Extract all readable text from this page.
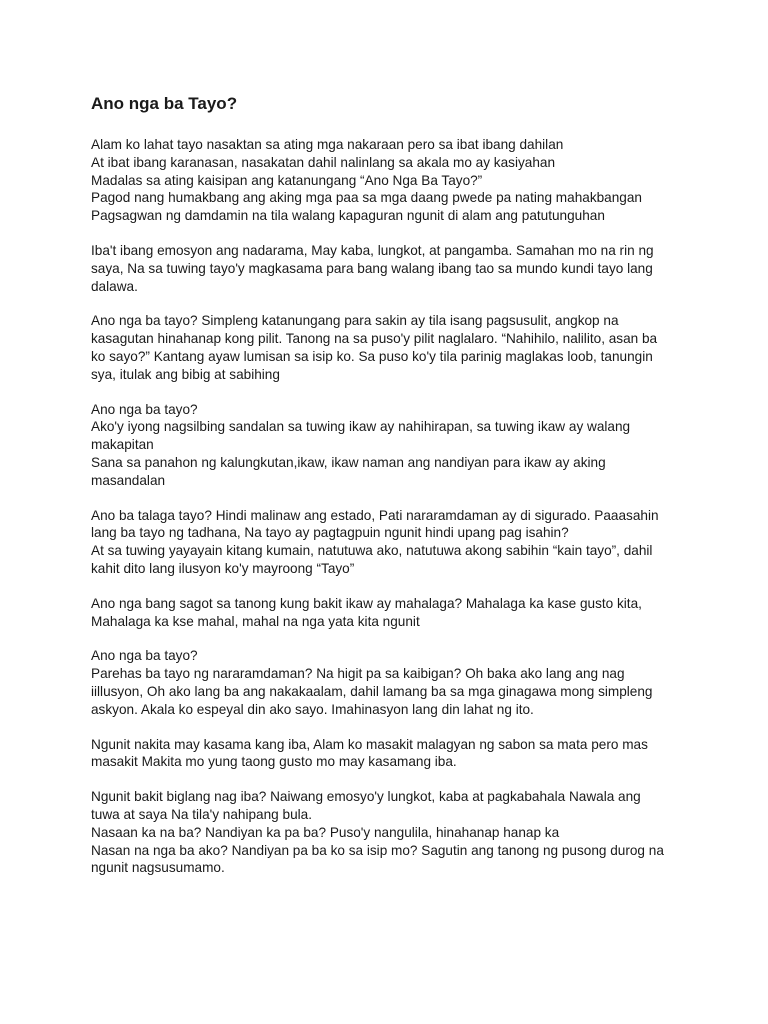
Ano nga ba Tayo?
Alam ko lahat tayo nasaktan sa ating mga nakaraan pero sa ibat ibang dahilan
At ibat ibang karanasan, nasakatan dahil nalinlang sa akala mo ay kasiyahan
Madalas sa ating kaisipan ang katanungang “Ano Nga Ba Tayo?”
Pagod nang humakbang ang aking mga paa sa mga daang pwede pa nating mahakbangan
Pagsagwan ng damdamin na tila walang kapaguran ngunit di alam ang patutunguhan
Iba't ibang emosyon ang nadarama, May kaba, lungkot, at pangamba. Samahan mo na rin ng
saya, Na sa tuwing tayo'y magkasama para bang walang ibang tao sa mundo kundi tayo lang
dalawa.
Ano nga ba tayo? Simpleng katanungang para sakin ay tila isang pagsusulit, angkop na
kasagutan hinahanap kong pilit. Tanong na sa puso'y pilit naglalaro. “Nahihilo, nalilito, asan ba
ko sayo?” Kantang ayaw lumisan sa isip ko. Sa puso ko'y tila parinig maglakas loob, tanungin
sya, itulak ang bibig at sabihing
Ano nga ba tayo?
Ako'y iyong nagsilbing sandalan sa tuwing ikaw ay nahihirapan, sa tuwing ikaw ay walang
makapitan
Sana sa panahon ng kalungkutan,ikaw, ikaw naman ang nandiyan para ikaw ay aking
masandalan
Ano ba talaga tayo? Hindi malinaw ang estado, Pati nararamdaman ay di sigurado. Paaasahin
lang ba tayo ng tadhana, Na tayo ay pagtagpuin ngunit hindi upang pag isahin?
At sa tuwing yayayain kitang kumain, natutuwa ako, natutuwa akong sabihin “kain tayo”, dahil
kahit dito lang ilusyon ko'y mayroong “Tayo”
Ano nga bang sagot sa tanong kung bakit ikaw ay mahalaga? Mahalaga ka kase gusto kita,
Mahalaga ka kse mahal, mahal na nga yata kita ngunit
Ano nga ba tayo?
Parehas ba tayo ng nararamdaman? Na higit pa sa kaibigan? Oh baka ako lang ang nag
iillusyon, Oh ako lang ba ang nakakaalam, dahil lamang ba sa mga ginagawa mong simpleng
askyon. Akala ko espeyal din ako sayo. Imahinasyon lang din lahat ng ito.
Ngunit nakita may kasama kang iba, Alam ko masakit malagyan ng sabon sa mata pero mas
masakit Makita mo yung taong gusto mo may kasamang iba.
Ngunit bakit biglang nag iba? Naiwang emosyo'y lungkot, kaba at pagkabahala Nawala ang
tuwa at saya Na tila'y nahipang bula.
Nasaan ka na ba? Nandiyan ka pa ba? Puso'y nangulila, hinahanap hanap ka
Nasan na nga ba ako? Nandiyan pa ba ko sa isip mo? Sagutin ang tanong ng pusong durog na
ngunit nagsusumamo.
